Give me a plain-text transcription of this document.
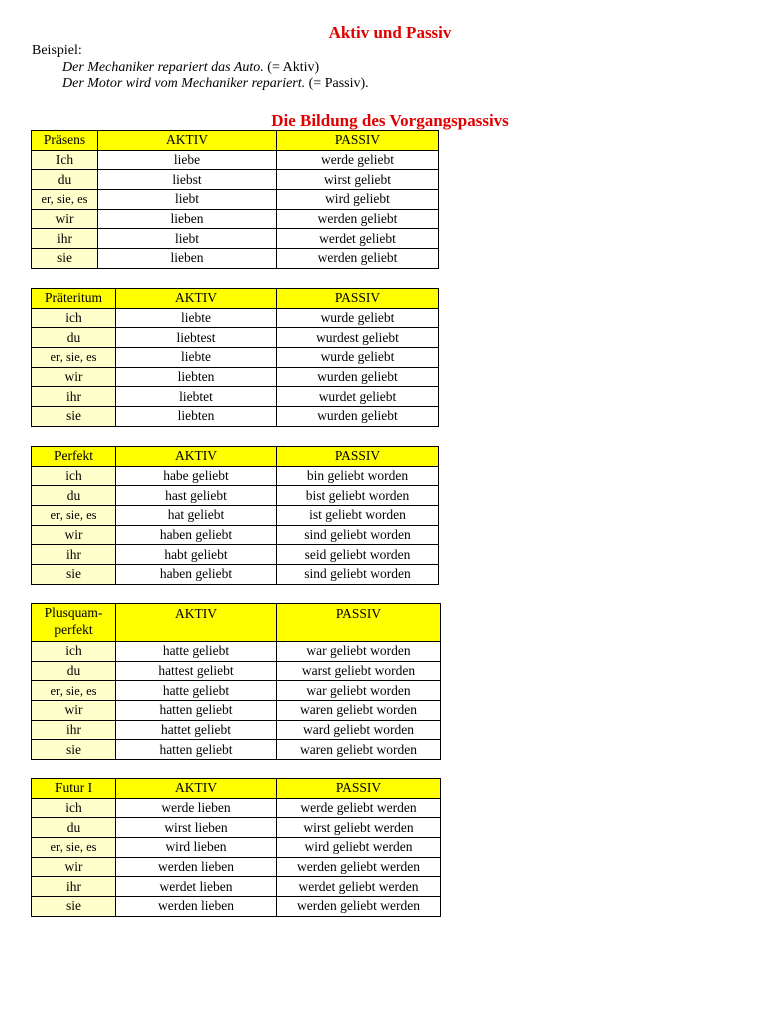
Aktiv und Passiv
Beispiel:
Der Mechaniker repariert das Auto. (= Aktiv)
Der Motor wird vom Mechaniker repariert. (= Passiv).
Die Bildung des Vorgangspassivs
Präsens	AKTIV	PASSIV
Ich	liebe	werde geliebt
du	liebst	wirst geliebt
er, sie, es	liebt	wird geliebt
wir	lieben	werden geliebt
ihr	liebt	werdet geliebt
sie	lieben	werden geliebt
Präteritum	AKTIV	PASSIV
ich	liebte	wurde geliebt
du	liebtest	wurdest geliebt
er, sie, es	liebte	wurde geliebt
wir	liebten	wurden geliebt
ihr	liebtet	wurdet geliebt
sie	liebten	wurden geliebt
Perfekt	AKTIV	PASSIV
ich	habe geliebt	bin geliebt worden
du	hast geliebt	bist geliebt worden
er, sie, es	hat geliebt	ist geliebt worden
wir	haben geliebt	sind geliebt worden
ihr	habt geliebt	seid geliebt worden
sie	haben geliebt	sind geliebt worden
Plusquam-
perfekt	AKTIV	PASSIV
ich	hatte geliebt	war geliebt worden
du	hattest geliebt	warst geliebt worden
er, sie, es	hatte geliebt	war geliebt worden
wir	hatten geliebt	waren geliebt worden
ihr	hattet geliebt	ward geliebt worden
sie	hatten geliebt	waren geliebt worden
Futur I	AKTIV	PASSIV
ich	werde lieben	werde geliebt werden
du	wirst lieben	wirst geliebt werden
er, sie, es	wird lieben	wird geliebt werden
wir	werden lieben	werden geliebt werden
ihr	werdet lieben	werdet geliebt werden
sie	werden lieben	werden geliebt werden
